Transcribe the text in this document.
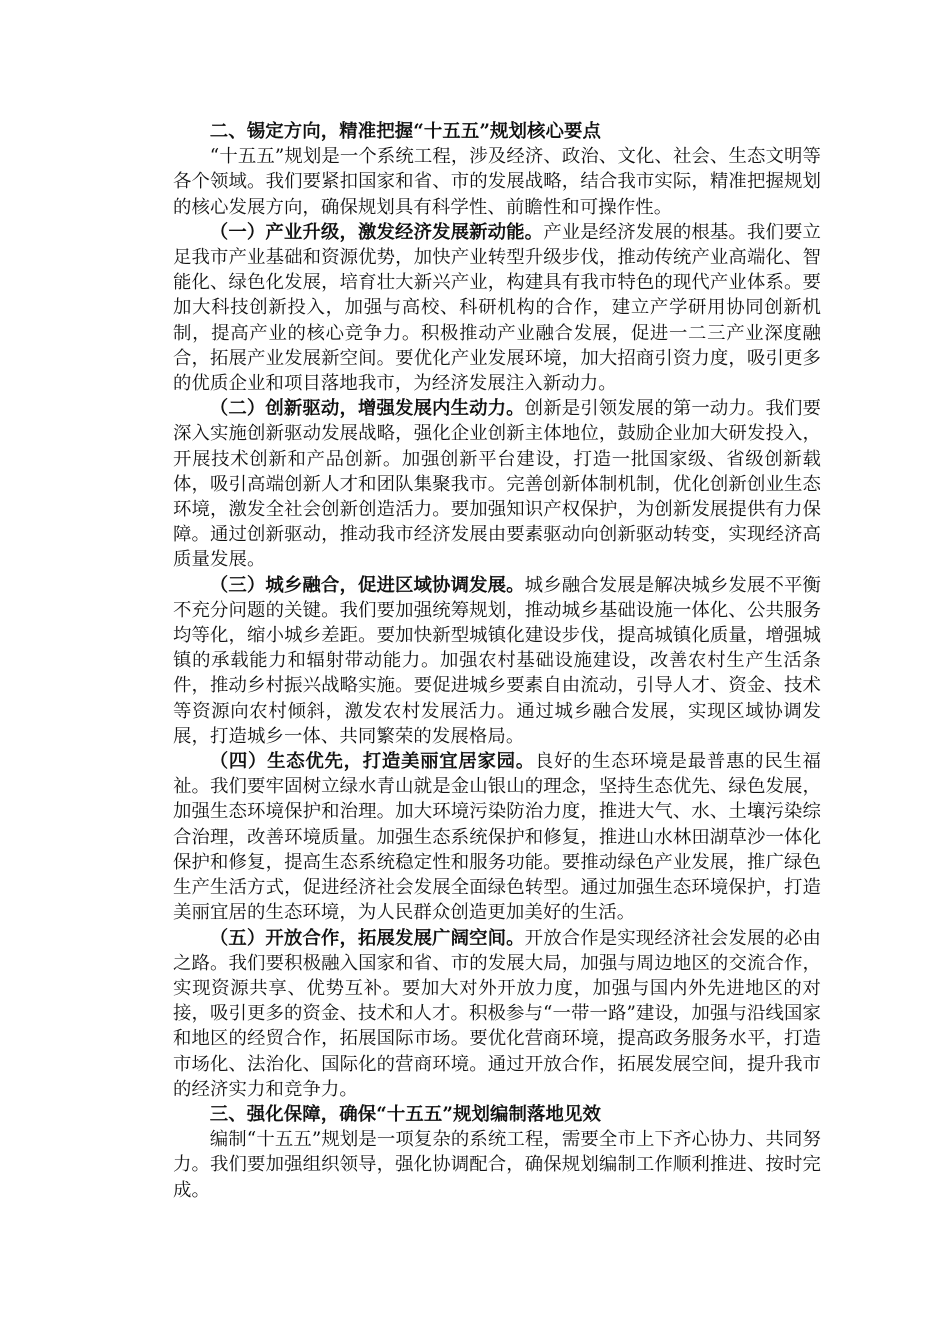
二、锡定方向，精准把握“十五五”规划核心要点

“十五五”规划是一个系统工程，涉及经济、政治、文化、社会、生态文明等各个领域。我们要紧扣国家和省、市的发展战略，结合我市实际，精准把握规划的核心发展方向，确保规划具有科学性、前瞻性和可操作性。

（一）产业升级，激发经济发展新动能。产业是经济发展的根基。我们要立足我市产业基础和资源优势，加快产业转型升级步伐，推动传统产业高端化、智能化、绿色化发展，培育壮大新兴产业，构建具有我市特色的现代产业体系。要加大科技创新投入，加强与高校、科研机构的合作，建立产学研用协同创新机制，提高产业的核心竞争力。积极推动产业融合发展，促进一二三产业深度融合，拓展产业发展新空间。要优化产业发展环境，加大招商引资力度，吸引更多的优质企业和项目落地我市，为经济发展注入新动力。

（二）创新驱动，增强发展内生动力。创新是引领发展的第一动力。我们要深入实施创新驱动发展战略，强化企业创新主体地位，鼓励企业加大研发投入，开展技术创新和产品创新。加强创新平台建设，打造一批国家级、省级创新载体，吸引高端创新人才和团队集聚我市。完善创新体制机制，优化创新创业生态环境，激发全社会创新创造活力。要加强知识产权保护，为创新发展提供有力保障。通过创新驱动，推动我市经济发展由要素驱动向创新驱动转变，实现经济高质量发展。

（三）城乡融合，促进区域协调发展。城乡融合发展是解决城乡发展不平衡不充分问题的关键。我们要加强统筹规划，推动城乡基础设施一体化、公共服务均等化，缩小城乡差距。要加快新型城镇化建设步伐，提高城镇化质量，增强城镇的承载能力和辐射带动能力。加强农村基础设施建设，改善农村生产生活条件，推动乡村振兴战略实施。要促进城乡要素自由流动，引导人才、资金、技术等资源向农村倾斜，激发农村发展活力。通过城乡融合发展，实现区域协调发展，打造城乡一体、共同繁荣的发展格局。

（四）生态优先，打造美丽宜居家园。良好的生态环境是最普惠的民生福祉。我们要牢固树立绿水青山就是金山银山的理念，坚持生态优先、绿色发展，加强生态环境保护和治理。加大环境污染防治力度，推进大气、水、土壤污染综合治理，改善环境质量。加强生态系统保护和修复，推进山水林田湖草沙一体化保护和修复，提高生态系统稳定性和服务功能。要推动绿色产业发展，推广绿色生产生活方式，促进经济社会发展全面绿色转型。通过加强生态环境保护，打造美丽宜居的生态环境，为人民群众创造更加美好的生活。

（五）开放合作，拓展发展广阔空间。开放合作是实现经济社会发展的必由之路。我们要积极融入国家和省、市的发展大局，加强与周边地区的交流合作，实现资源共享、优势互补。要加大对外开放力度，加强与国内外先进地区的对接，吸引更多的资金、技术和人才。积极参与“一带一路”建设，加强与沿线国家和地区的经贸合作，拓展国际市场。要优化营商环境，提高政务服务水平，打造市场化、法治化、国际化的营商环境。通过开放合作，拓展发展空间，提升我市的经济实力和竞争力。

三、强化保障，确保“十五五”规划编制落地见效

编制“十五五”规划是一项复杂的系统工程，需要全市上下齐心协力、共同努力。我们要加强组织领导，强化协调配合，确保规划编制工作顺利推进、按时完成。
